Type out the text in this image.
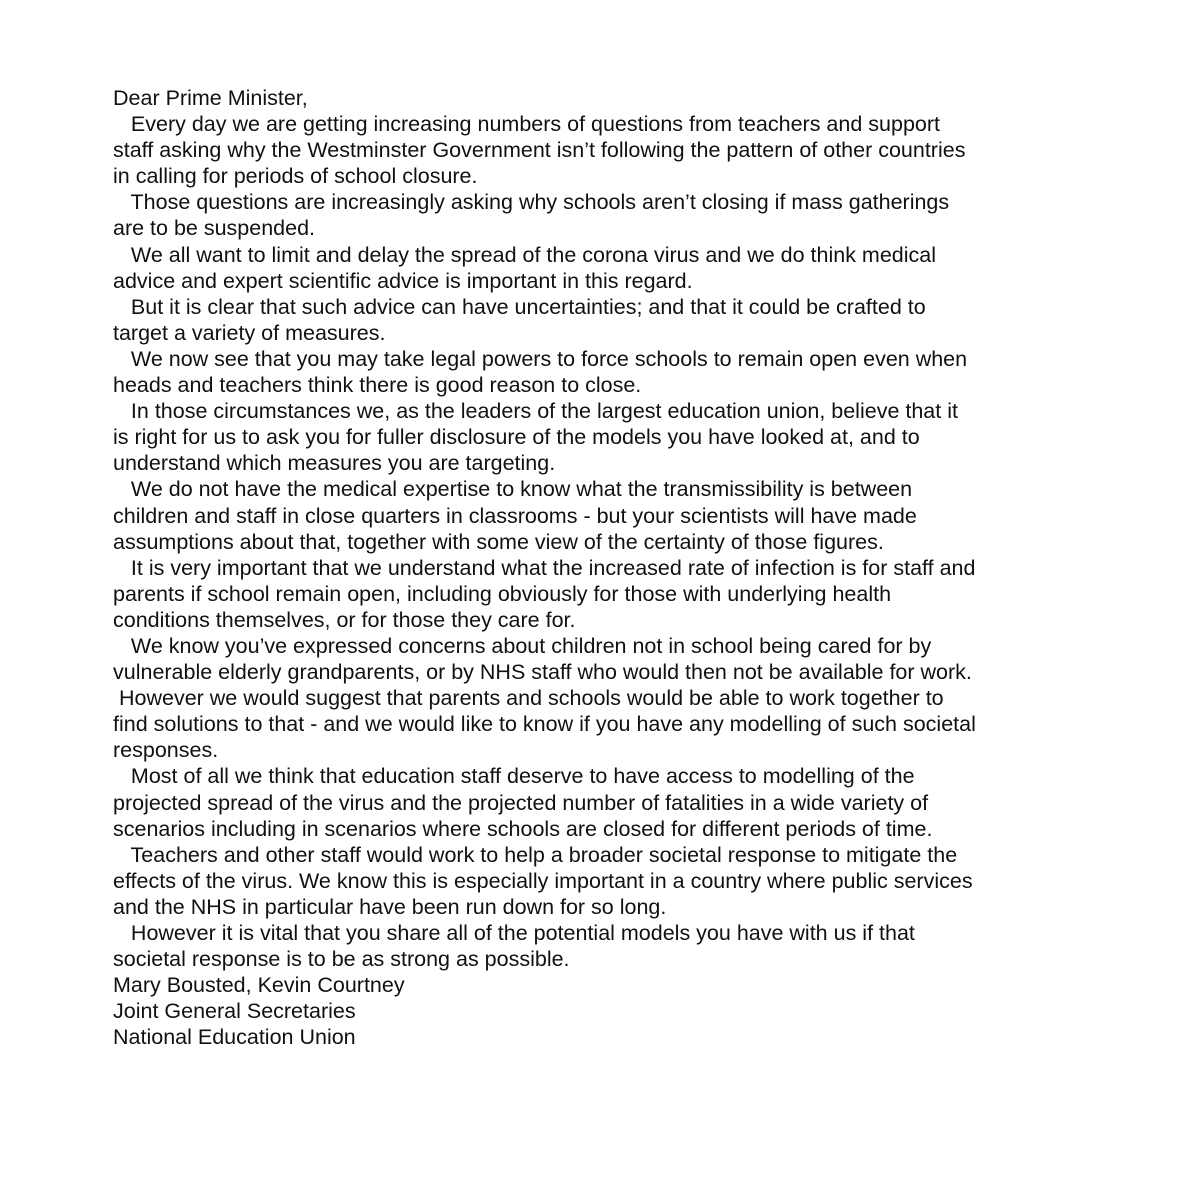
Dear Prime Minister,
Every day we are getting increasing numbers of questions from teachers and support
staff asking why the Westminster Government isn’t following the pattern of other countries
in calling for periods of school closure.
Those questions are increasingly asking why schools aren’t closing if mass gatherings
are to be suspended.
We all want to limit and delay the spread of the corona virus and we do think medical
advice and expert scientific advice is important in this regard.
But it is clear that such advice can have uncertainties; and that it could be crafted to
target a variety of measures.
We now see that you may take legal powers to force schools to remain open even when
heads and teachers think there is good reason to close.
In those circumstances we, as the leaders of the largest education union, believe that it
is right for us to ask you for fuller disclosure of the models you have looked at, and to
understand which measures you are targeting.
We do not have the medical expertise to know what the transmissibility is between
children and staff in close quarters in classrooms - but your scientists will have made
assumptions about that, together with some view of the certainty of those figures.
It is very important that we understand what the increased rate of infection is for staff and
parents if school remain open, including obviously for those with underlying health
conditions themselves, or for those they care for.
We know you’ve expressed concerns about children not in school being cared for by
vulnerable elderly grandparents, or by NHS staff who would then not be available for work.
However we would suggest that parents and schools would be able to work together to
find solutions to that - and we would like to know if you have any modelling of such societal
responses.
Most of all we think that education staff deserve to have access to modelling of the
projected spread of the virus and the projected number of fatalities in a wide variety of
scenarios including in scenarios where schools are closed for different periods of time.
Teachers and other staff would work to help a broader societal response to mitigate the
effects of the virus. We know this is especially important in a country where public services
and the NHS in particular have been run down for so long.
However it is vital that you share all of the potential models you have with us if that
societal response is to be as strong as possible.
Mary Bousted, Kevin Courtney
Joint General Secretaries
National Education Union
